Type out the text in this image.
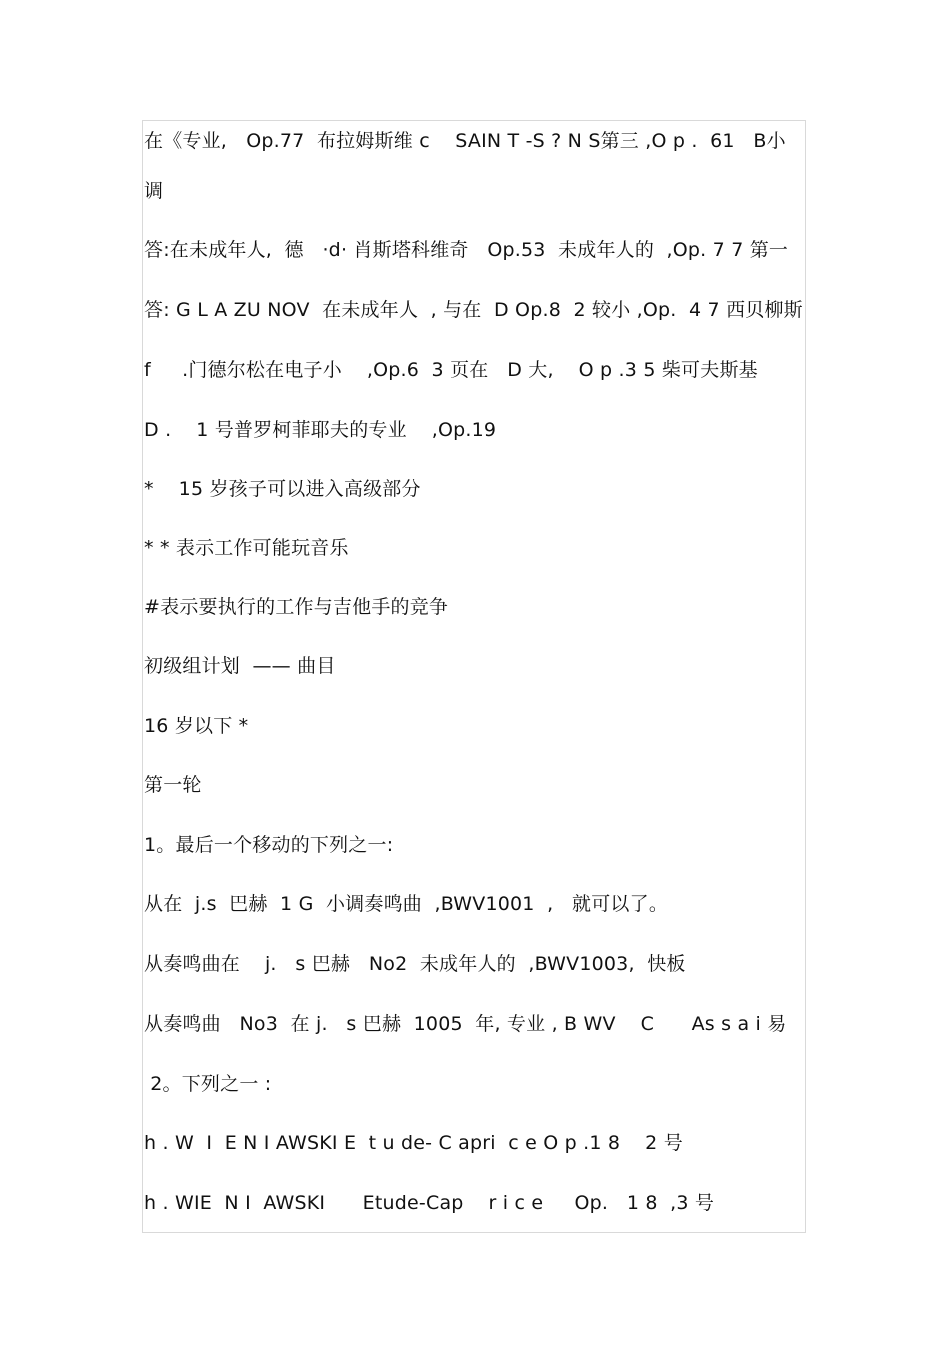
在《专业,　Op.77  布拉姆斯维 c　 SAIN T -S ? N S第三 ,O p .  61   B小
调
答:在未成年人,  德   ·d· 肖斯塔科维奇   Op.53  未成年人的  ,Op. 7 7 第一
答: G L A ZU NOV  在未成年人  , 与在  D Op.8  2 较小 ,Op.  4 7 西贝柳斯
f     .门德尔松在电子小    ,Op.6  3 页在   D 大,    O p .3 5 柴可夫斯基
D .    1 号普罗柯菲耶夫的专业    ,Op.19
*    15 岁孩子可以进入高级部分
* * 表示工作可能玩音乐
#表示要执行的工作与吉他手的竞争
初级组计划  —— 曲目
16 岁以下 *
第一轮
1。最后一个移动的下列之一:
从在  j.s  巴赫  1 G  小调奏鸣曲  ,BWV1001  ,   就可以了。
从奏鸣曲在    j.   s 巴赫   No2  未成年人的  ,BWV1003,  快板
从奏鸣曲   No3  在 j.   s 巴赫  1005  年, 专业 , B WV    C      As s a i 易
2。下列之一 :
h . W  I  E N I AWSKI E  t u de- C apri  c e O p .1 8    2 号
h . WIE  N I  AWSKI      Etude-Cap    r i c e     Op.   1 8  ,3 号
